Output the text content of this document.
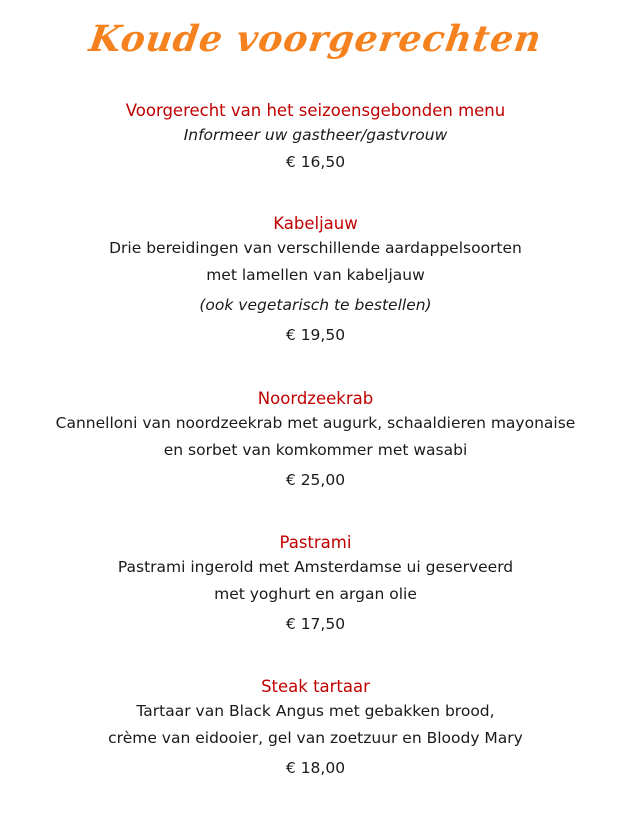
Koude voorgerechten
Voorgerecht van het seizoensgebonden menu
Informeer uw gastheer/gastvrouw
€ 16,50
Kabeljauw
Drie bereidingen van verschillende aardappelsoorten
met lamellen van kabeljauw
(ook vegetarisch te bestellen)
€ 19,50
Noordzeekrab
Cannelloni van noordzeekrab met augurk, schaaldieren mayonaise
en sorbet van komkommer met wasabi
€ 25,00
Pastrami
Pastrami ingerold met Amsterdamse ui geserveerd
met yoghurt en argan olie
€ 17,50
Steak tartaar
Tartaar van Black Angus met gebakken brood,
crème van eidooier, gel van zoetzuur en Bloody Mary
€ 18,00
